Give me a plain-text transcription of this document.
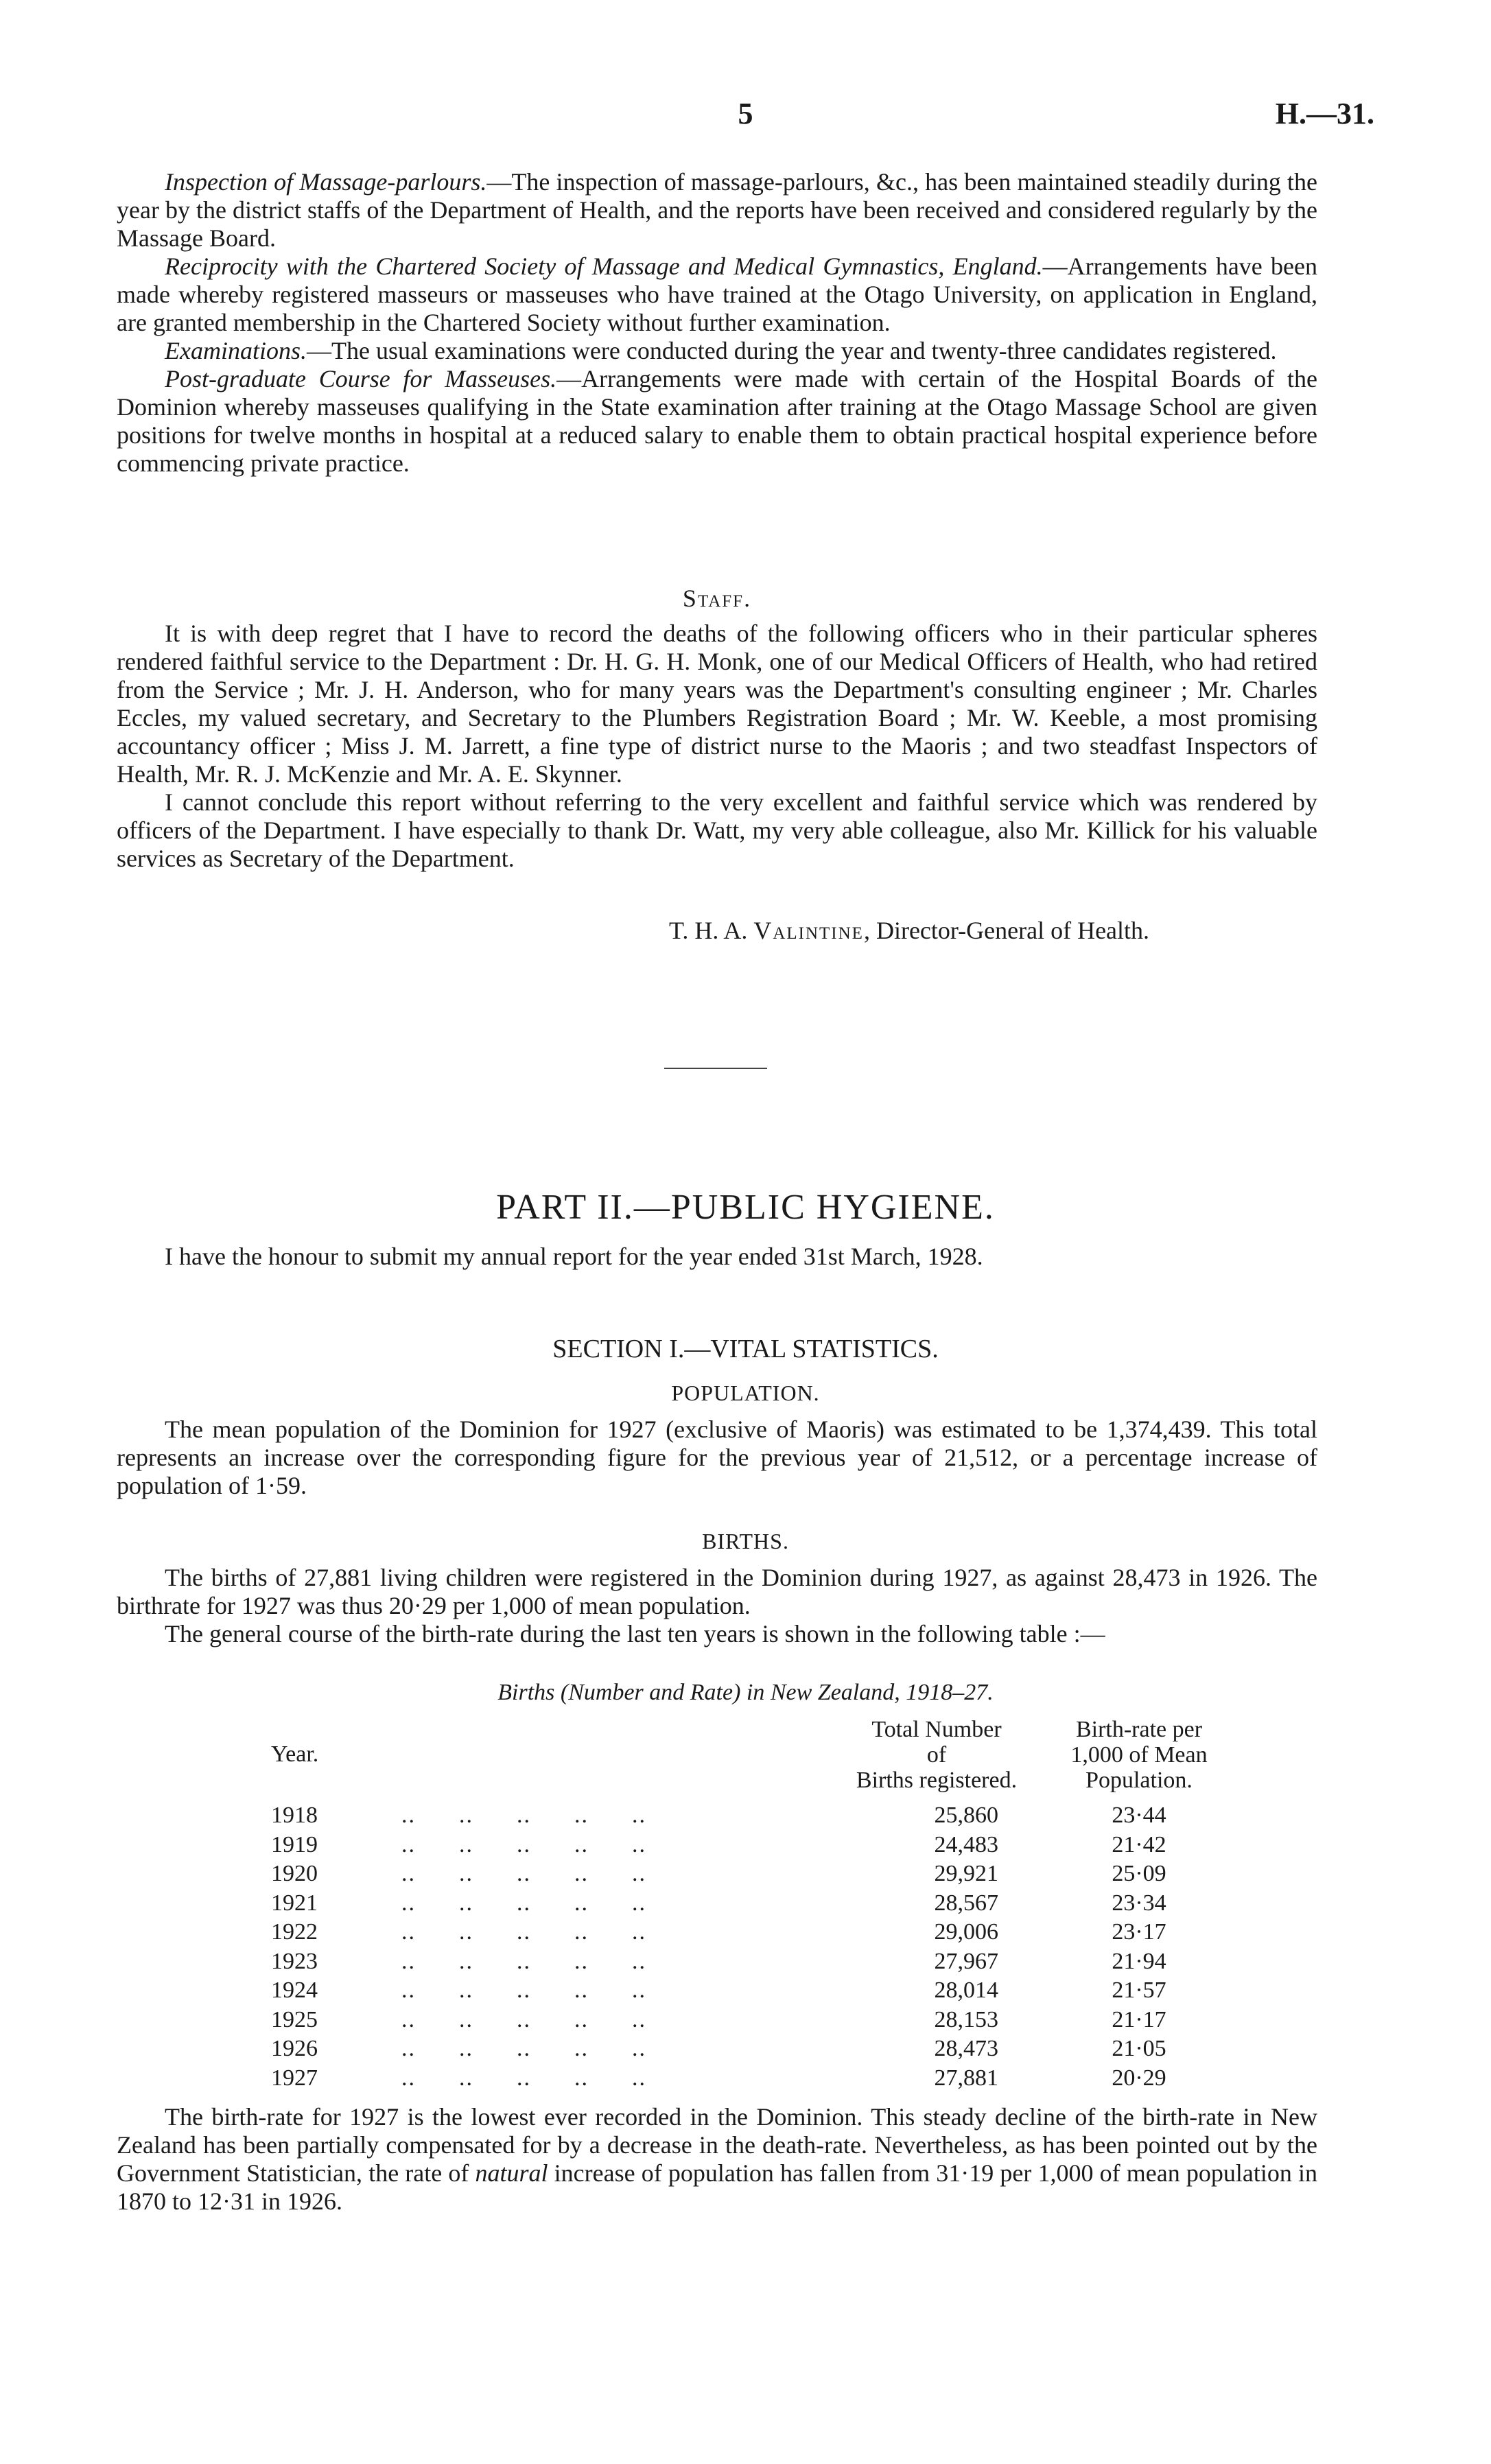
5	H.—31.

Inspection of Massage-parlours.—The inspection of massage-parlours, &c., has been maintained steadily during the year by the district staffs of the Department of Health, and the reports have been received and considered regularly by the Massage Board.

Reciprocity with the Chartered Society of Massage and Medical Gymnastics, England.—Arrangements have been made whereby registered masseurs or masseuses who have trained at the Otago University, on application in England, are granted membership in the Chartered Society without further examination.

Examinations.—The usual examinations were conducted during the year and twenty-three candidates registered.

Post-graduate Course for Masseuses.—Arrangements were made with certain of the Hospital Boards of the Dominion whereby masseuses qualifying in the State examination after training at the Otago Massage School are given positions for twelve months in hospital at a reduced salary to enable them to obtain practical hospital experience before commencing private practice.

Staff.

It is with deep regret that I have to record the deaths of the following officers who in their particular spheres rendered faithful service to the Department : Dr. H. G. H. Monk, one of our Medical Officers of Health, who had retired from the Service ; Mr. J. H. Anderson, who for many years was the Department's consulting engineer ; Mr. Charles Eccles, my valued secretary, and Secretary to the Plumbers Registration Board ; Mr. W. Keeble, a most promising accountancy officer ; Miss J. M. Jarrett, a fine type of district nurse to the Maoris ; and two steadfast Inspectors of Health, Mr. R. J. McKenzie and Mr. A. E. Skynner.

I cannot conclude this report without referring to the very excellent and faithful service which was rendered by officers of the Department. I have especially to thank Dr. Watt, my very able colleague, also Mr. Killick for his valuable services as Secretary of the Department.

T. H. A. Valintine, Director-General of Health.
PART II.—PUBLIC HYGIENE.
I have the honour to submit my annual report for the year ended 31st March, 1928.
SECTION I.—VITAL STATISTICS.
POPULATION.

The mean population of the Dominion for 1927 (exclusive of Maoris) was estimated to be 1,374,439. This total represents an increase over the corresponding figure for the previous year of 21,512, or a percentage increase of population of 1·59.

BIRTHS.

The births of 27,881 living children were registered in the Dominion during 1927, as against 28,473 in 1926. The birthrate for 1927 was thus 20·29 per 1,000 of mean population.

The general course of the birth-rate during the last ten years is shown in the following table :—

Births (Number and Rate) in New Zealand, 1918–27.
Year.
Total Number
of
Births registered.
Birth-rate per
1,000 of Mean
Population.
1918	..      ..      ..      ..      ..	25,860	23·44
1919	..      ..      ..      ..      ..	24,483	21·42
1920	..      ..      ..      ..      ..	29,921	25·09
1921	..      ..      ..      ..      ..	28,567	23·34
1922	..      ..      ..      ..      ..	29,006	23·17
1923	..      ..      ..      ..      ..	27,967	21·94
1924	..      ..      ..      ..      ..	28,014	21·57
1925	..      ..      ..      ..      ..	28,153	21·17
1926	..      ..      ..      ..      ..	28,473	21·05
1927	..      ..      ..      ..      ..	27,881	20·29

The birth-rate for 1927 is the lowest ever recorded in the Dominion. This steady decline of the birth-rate in New Zealand has been partially compensated for by a decrease in the death-rate. Nevertheless, as has been pointed out by the Government Statistician, the rate of natural increase of population has fallen from 31·19 per 1,000 of mean population in 1870 to 12·31 in 1926.
